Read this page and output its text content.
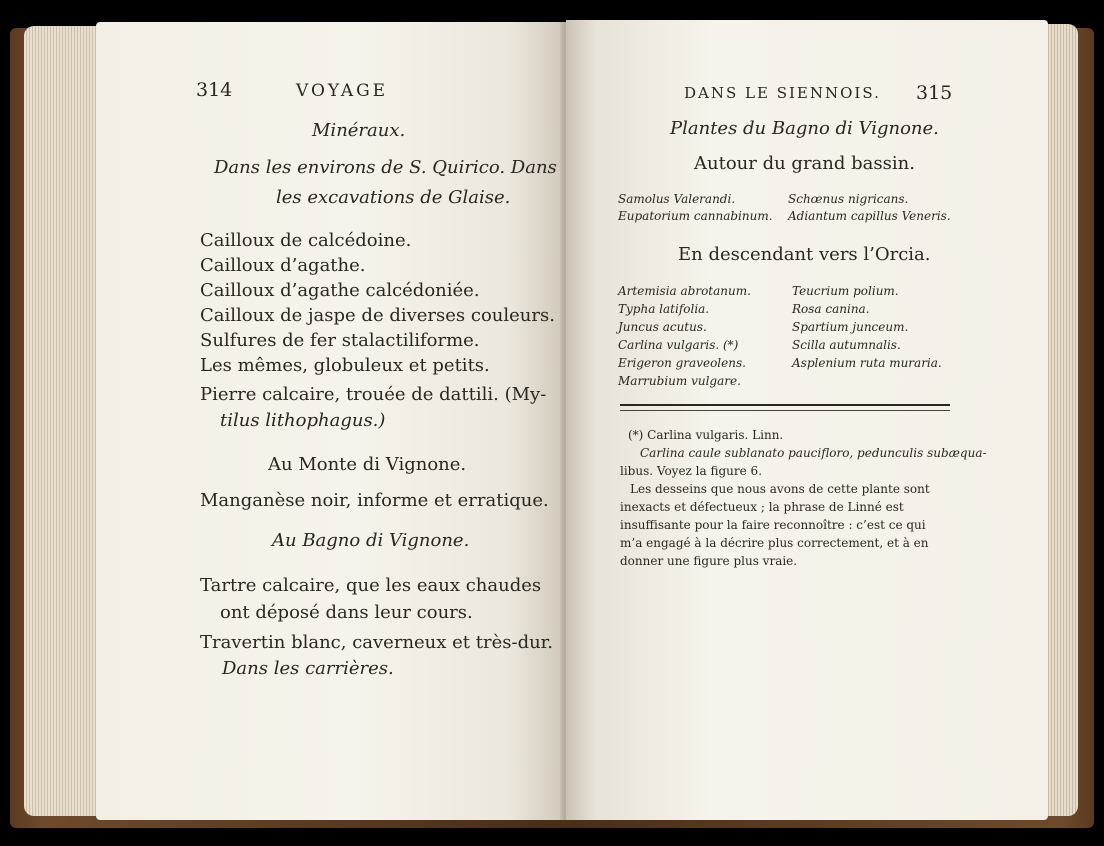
314	VOYAGE
Minéraux.
Dans les environs de S. Quirico. Dans
les excavations de Glaise.
Cailloux de calcédoine.
Cailloux d’agathe.
Cailloux d’agathe calcédoniée.
Cailloux de jaspe de diverses couleurs.
Sulfures de fer stalactiliforme.
Les mêmes, globuleux et petits.
Pierre calcaire, trouée de dattili. (My-
tilus lithophagus.)
Au Monte di Vignone.
Manganèse noir, informe et erratique.
Au Bagno di Vignone.
Tartre calcaire, que les eaux chaudes
ont déposé dans leur cours.
Travertin blanc, caverneux et très-dur.
Dans les carrières.
DANS LE SIENNOIS. 315
Plantes du Bagno di Vignone.
Autour du grand bassin.
Samolus Valerandi.
Eupatorium cannabinum.
Schœnus nigricans.
Adiantum capillus Veneris.
En descendant vers l’Orcia.
Artemisia abrotanum.
Typha latifolia.
Juncus acutus.
Carlina vulgaris. (*)
Erigeron graveolens.
Marrubium vulgare.
Teucrium polium.
Rosa canina.
Spartium junceum.
Scilla autumnalis.
Asplenium ruta muraria.
(*) Carlina vulgaris. Linn.
Carlina caule sublanato pauciflоro, pedunculis subæqua-
libus. Voyez la figure 6.
Les desseins que nous avons de cette plante sont
inexacts et défectueux ; la phrase de Linné est
insuffisante pour la faire reconnoître : c’est ce qui
m’a engagé à la décrire plus correctement, et à en
donner une figure plus vraie.
